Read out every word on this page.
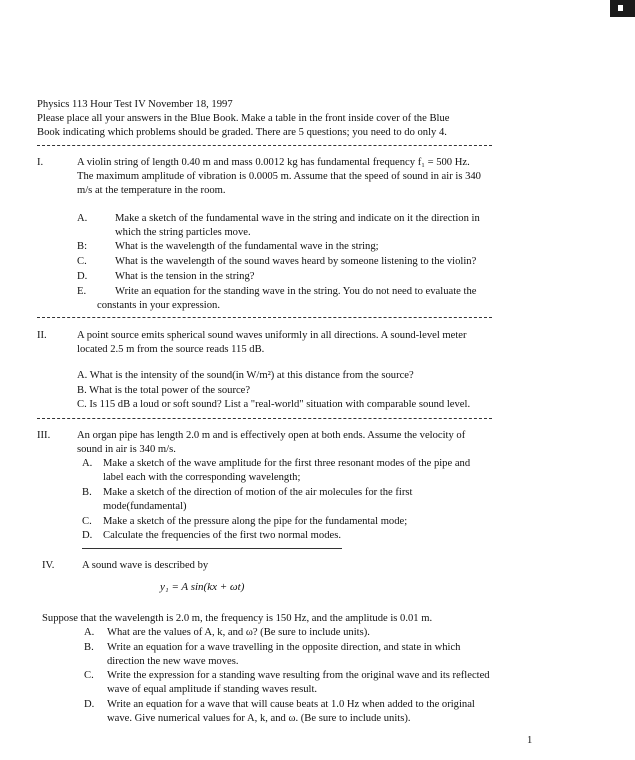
Physics 113 Hour Test IV November 18, 1997
Please place all your answers in the Blue Book. Make a table in the front inside cover of the Blue
Book indicating which problems should be graded. There are 5 questions; you need to do only 4.
I.	A violin string of length 0.40 m and mass 0.0012 kg has fundamental frequency f₁ = 500 Hz.
The maximum amplitude of vibration is 0.0005 m. Assume that the speed of sound in air is 340
m/s at the temperature in the room.
A.	Make a sketch of the fundamental wave in the string and indicate on it the direction in
which the string particles move.
B:	What is the wavelength of the fundamental wave in the string;
C.	What is the wavelength of the sound waves heard by someone listening to the violin?
D.	What is the tension in the string?
E.	Write an equation for the standing wave in the string. You do not need to evaluate the
constants in your expression.
II.	A point source emits spherical sound waves uniformly in all directions. A sound-level meter
located 2.5 m from the source reads 115 dB.
A. What is the intensity of the sound(in W/m²) at this distance from the source?
B. What is the total power of the source?
C. Is 115 dB a loud or soft sound? List a "real-world" situation with comparable sound level.
III.	An organ pipe has length 2.0 m and is effectively open at both ends. Assume the velocity of
sound in air is 340 m/s.
A. Make a sketch of the wave amplitude for the first three resonant modes of the pipe and
label each with the corresponding wavelength;
B. Make a sketch of the direction of motion of the air molecules for the first
mode(fundamental)
C. Make a sketch of the pressure along the pipe for the fundamental mode;
D. Calculate the frequencies of the first two normal modes.
IV.	A sound wave is described by
y₁ = A sin(kx + ωt)
Suppose that the wavelength is 2.0 m, the frequency is 150 Hz, and the amplitude is 0.01 m.
A. What are the values of A, k, and ω? (Be sure to include units).
B. Write an equation for a wave travelling in the opposite direction, and state in which
direction the new wave moves.
C. Write the expression for a standing wave resulting from the original wave and its reflected
wave of equal amplitude if standing waves result.
D. Write an equation for a wave that will cause beats at 1.0 Hz when added to the original
wave. Give numerical values for A, k, and ω. (Be sure to include units).
1
